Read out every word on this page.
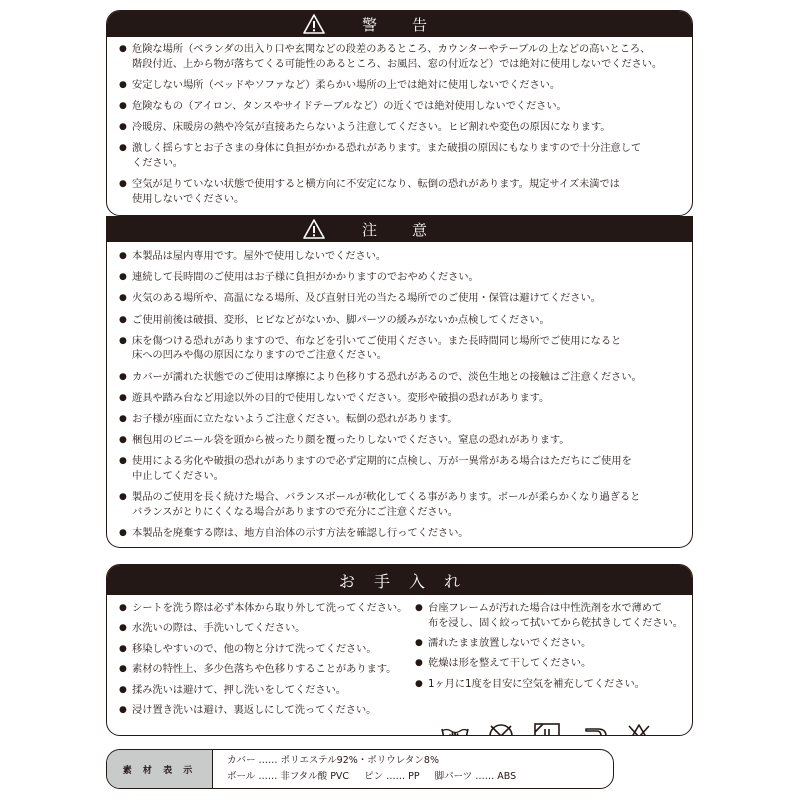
警　告
● 危険な場所（ベランダの出入り口や玄関などの段差のあるところ、カウンターやテーブルの上などの高いところ、
階段付近、上から物が落ちてくる可能性のあるところ、お風呂、窓の付近など）では絶対に使用しないでください。
● 安定しない場所（ベッドやソファなど）柔らかい場所の上では絶対に使用しないでください。
● 危険なもの（アイロン、タンスやサイドテーブルなど）の近くでは絶対使用しないでください。
● 冷暖房、床暖房の熱や冷気が直接あたらないよう注意してください。ヒビ割れや変色の原因になります。
● 激しく揺らすとお子さまの身体に負担がかかる恐れがあります。また破損の原因にもなりますので十分注意して
ください。
● 空気が足りていない状態で使用すると横方向に不安定になり、転倒の恐れがあります。規定サイズ未満では
使用しないでください。
注　意
● 本製品は屋内専用です。屋外で使用しないでください。
● 連続して長時間のご使用はお子様に負担がかかりますのでおやめください。
● 火気のある場所や、高温になる場所、及び直射日光の当たる場所でのご使用・保管は避けてください。
● ご使用前後は破損、変形、ヒビなどがないか、脚パーツの緩みがないか点検してください。
● 床を傷つける恐れがありますので、布などを引いてご使用ください。また長時間同じ場所でご使用になると
床への凹みや傷の原因になりますのでご注意ください。
● カバーが濡れた状態でのご使用は摩擦により色移りする恐れがあるので、淡色生地との接触はご注意ください。
● 遊具や踏み台など用途以外の目的で使用しないでください。変形や破損の恐れがあります。
● お子様が座面に立たないようご注意ください。転倒の恐れがあります。
● 梱包用のビニール袋を頭から被ったり顔を覆ったりしないでください。窒息の恐れがあります。
● 使用による劣化や破損の恐れがありますので必ず定期的に点検し、万が一異常がある場合はただちにご使用を
中止してください。
● 製品のご使用を長く続けた場合、バランスボールが軟化してくる事があります。ボールが柔らかくなり過ぎると
バランスがとりにくくなる場合がありますので充分にご注意ください。
● 本製品を廃棄する際は、地方自治体の示す方法を確認し行ってください。
お 手 入 れ
● シートを洗う際は必ず本体から取り外して洗ってください。
● 水洗いの際は、手洗いしてください。
● 移染しやすいので、他の物と分けて洗ってください。
● 素材の特性上、多少色落ちや色移りすることがあります。
● 揉み洗いは避けて、押し洗いをしてください。
● 浸け置き洗いは避け、裏返しにして洗ってください。
● 台座フレームが汚れた場合は中性洗剤を水で薄めて
布を浸し、固く絞って拭いてから乾拭きしてください。
● 濡れたまま放置しないでください。
● 乾燥は形を整えて干してください。
● 1ヶ月に1度を目安に空気を補充してください。
素 材 表 示
カバー …… ポリエステル92%・ポリウレタン8%
ボール …… 非フタル酸 PVC ピン …… PP 脚パーツ …… ABS
